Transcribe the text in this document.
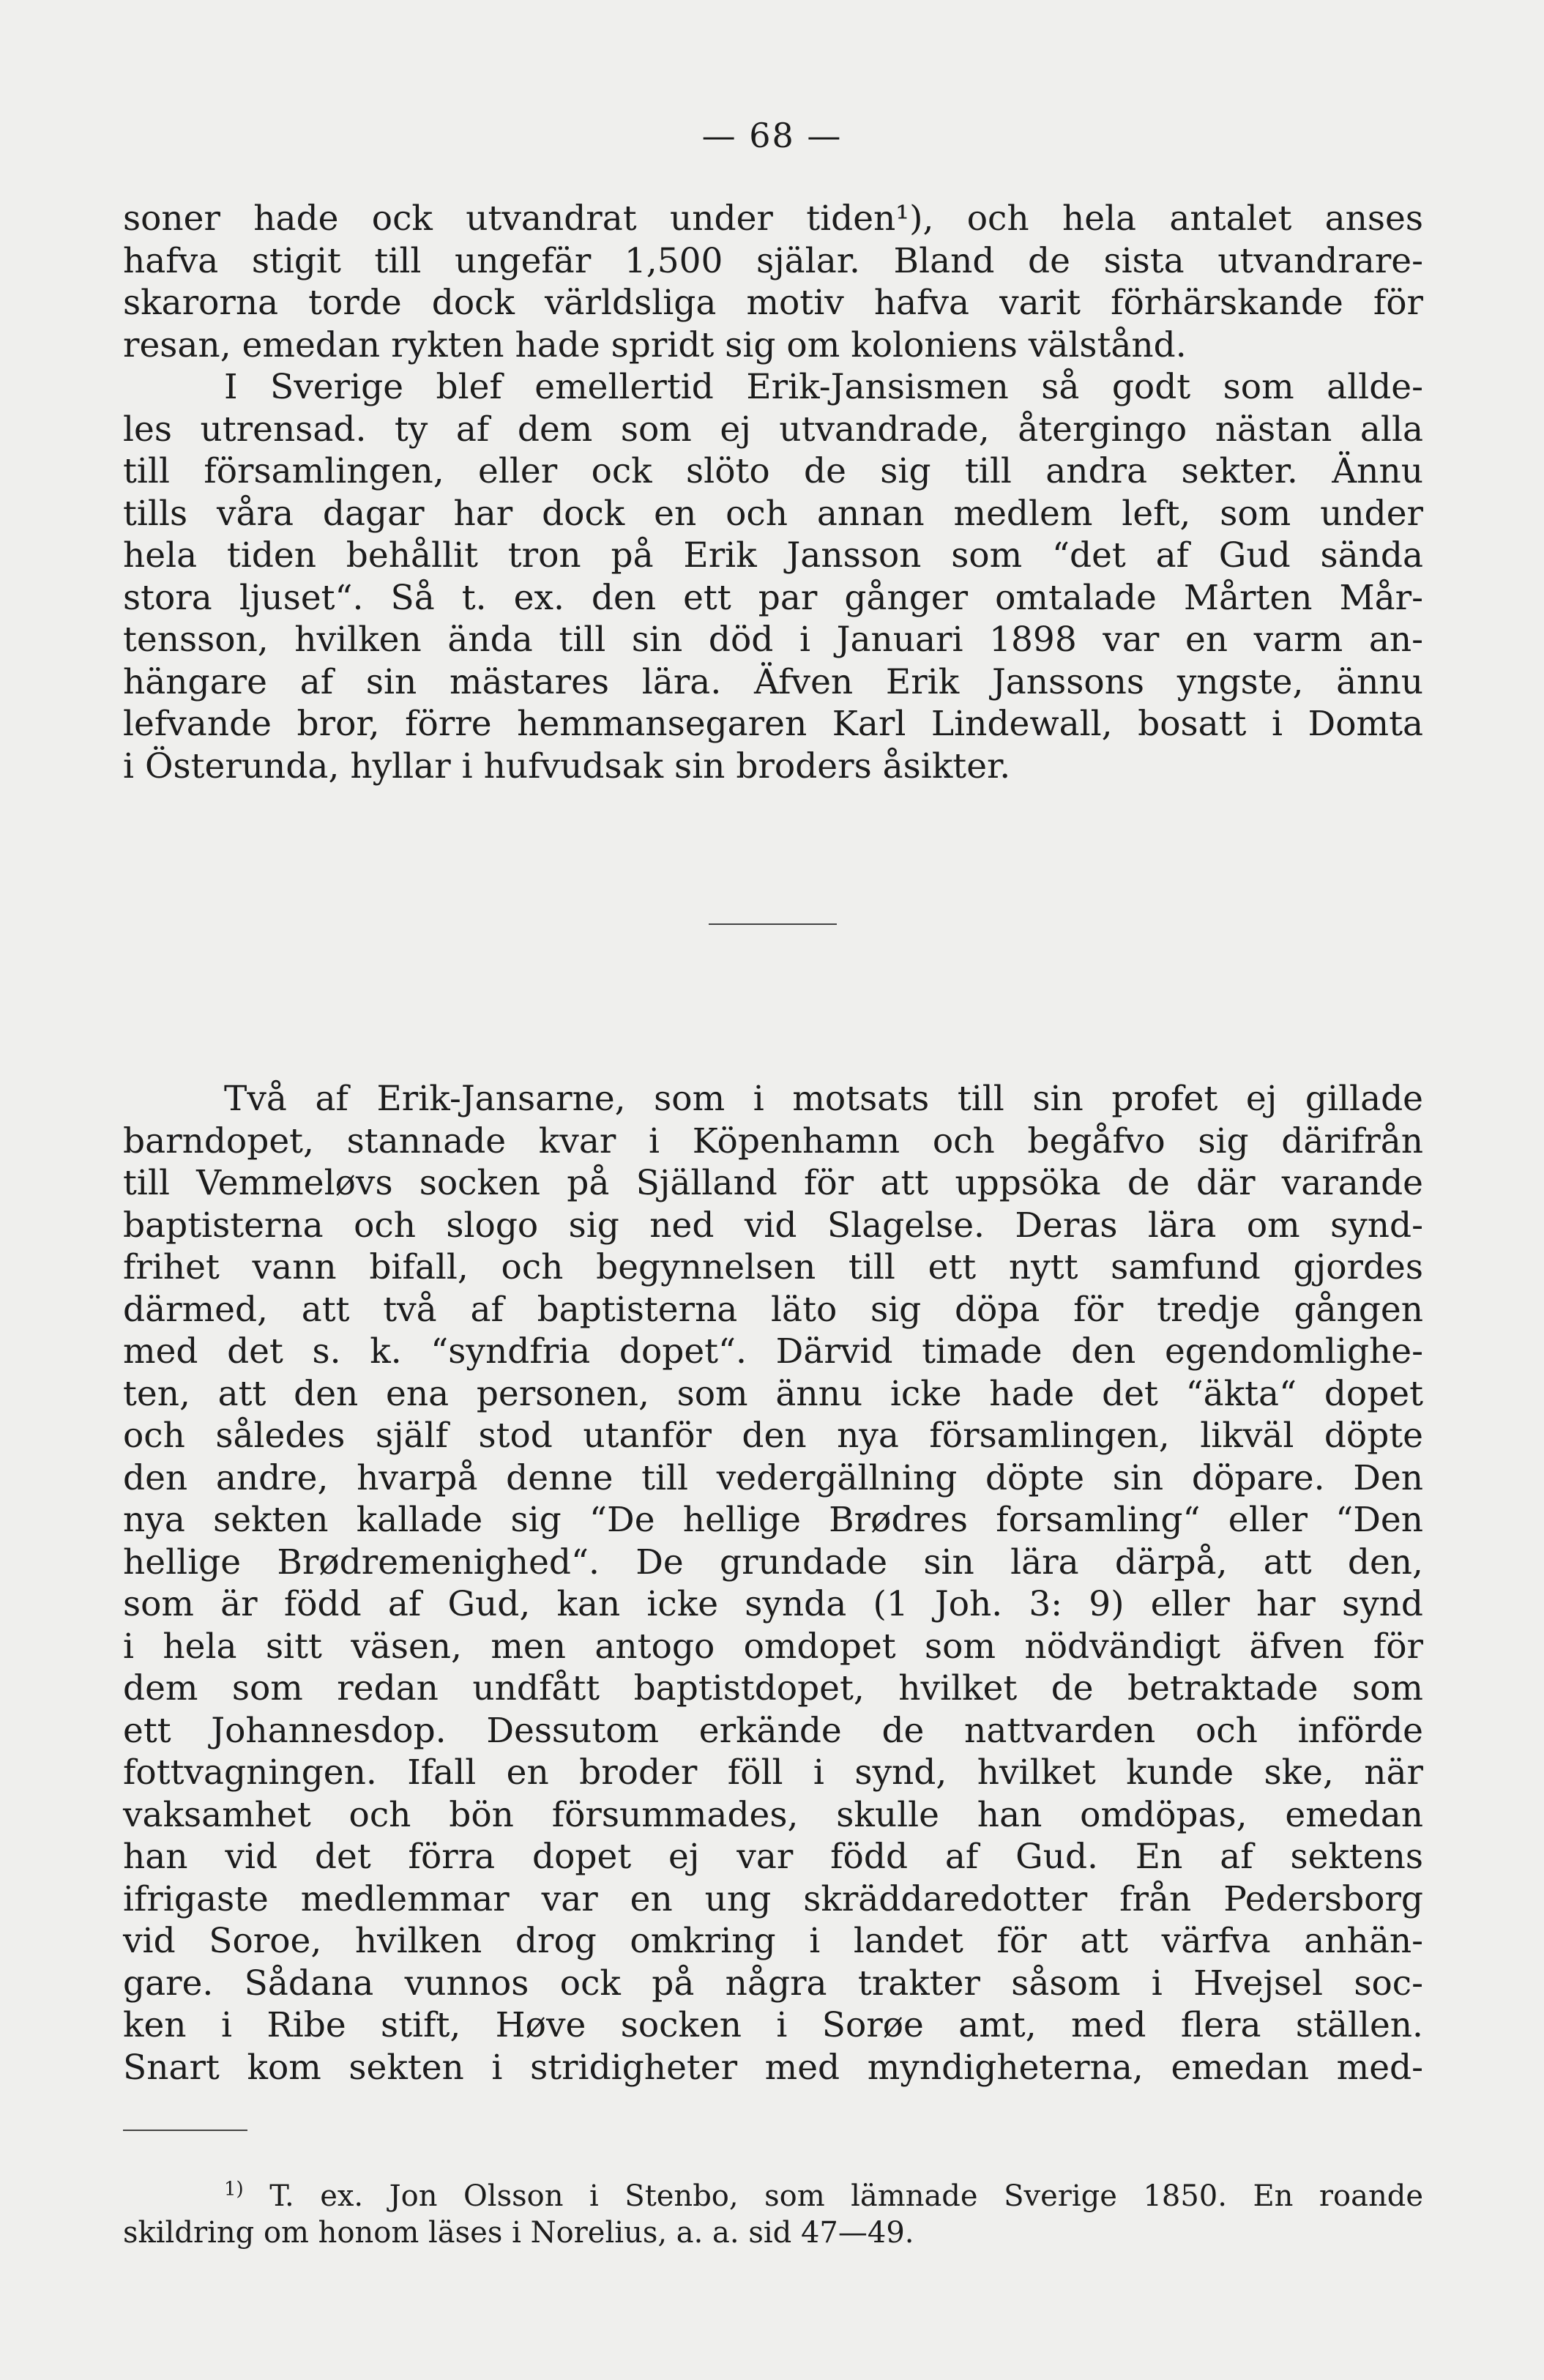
— 68 —
soner hade ock utvandrat under tiden¹), och hela antalet anses
hafva stigit till ungefär 1,500 själar. Bland de sista utvandrare-
skarorna torde dock världsliga motiv hafva varit förhärskande för
resan, emedan rykten hade spridt sig om koloniens välstånd.
I Sverige blef emellertid Erik-Jansismen så godt som allde-
les utrensad. ty af dem som ej utvandrade, återgingo nästan alla
till församlingen, eller ock slöto de sig till andra sekter. Ännu
tills våra dagar har dock en och annan medlem left, som under
hela tiden behållit tron på Erik Jansson som “det af Gud sända
stora ljuset“. Så t. ex. den ett par gånger omtalade Mårten Mår-
tensson, hvilken ända till sin död i Januari 1898 var en varm an-
hängare af sin mästares lära. Äfven Erik Janssons yngste, ännu
lefvande bror, förre hemmansegaren Karl Lindewall, bosatt i Domta
i Österunda, hyllar i hufvudsak sin broders åsikter.
Två af Erik-Jansarne, som i motsats till sin profet ej gillade
barndopet, stannade kvar i Köpenhamn och begåfvo sig därifrån
till Vemmeløvs socken på Själland för att uppsöka de där varande
baptisterna och slogo sig ned vid Slagelse. Deras lära om synd-
frihet vann bifall, och begynnelsen till ett nytt samfund gjordes
därmed, att två af baptisterna läto sig döpa för tredje gången
med det s. k. “syndfria dopet“. Därvid timade den egendomlighe-
ten, att den ena personen, som ännu icke hade det “äkta“ dopet
och således själf stod utanför den nya församlingen, likväl döpte
den andre, hvarpå denne till vedergällning döpte sin döpare. Den
nya sekten kallade sig “De hellige Brødres forsamling“ eller “Den
hellige Brødremenighed“. De grundade sin lära därpå, att den,
som är född af Gud, kan icke synda (1 Joh. 3: 9) eller har synd
i hela sitt väsen, men antogo omdopet som nödvändigt äfven för
dem som redan undfått baptistdopet, hvilket de betraktade som
ett Johannesdop. Dessutom erkände de nattvarden och införde
fottvagningen. Ifall en broder föll i synd, hvilket kunde ske, när
vaksamhet och bön försummades, skulle han omdöpas, emedan
han vid det förra dopet ej var född af Gud. En af sektens
ifrigaste medlemmar var en ung skräddaredotter från Pedersborg
vid Soroe, hvilken drog omkring i landet för att värfva anhän-
gare. Sådana vunnos ock på några trakter såsom i Hvejsel soc-
ken i Ribe stift, Høve socken i Sorøe amt, med flera ställen.
Snart kom sekten i stridigheter med myndigheterna, emedan med-
$^{1)}$ T. ex. Jon Olsson i Stenbo, som lämnade Sverige 1850. En roande
skildring om honom läses i Norelius, a. a. sid 47—49.
